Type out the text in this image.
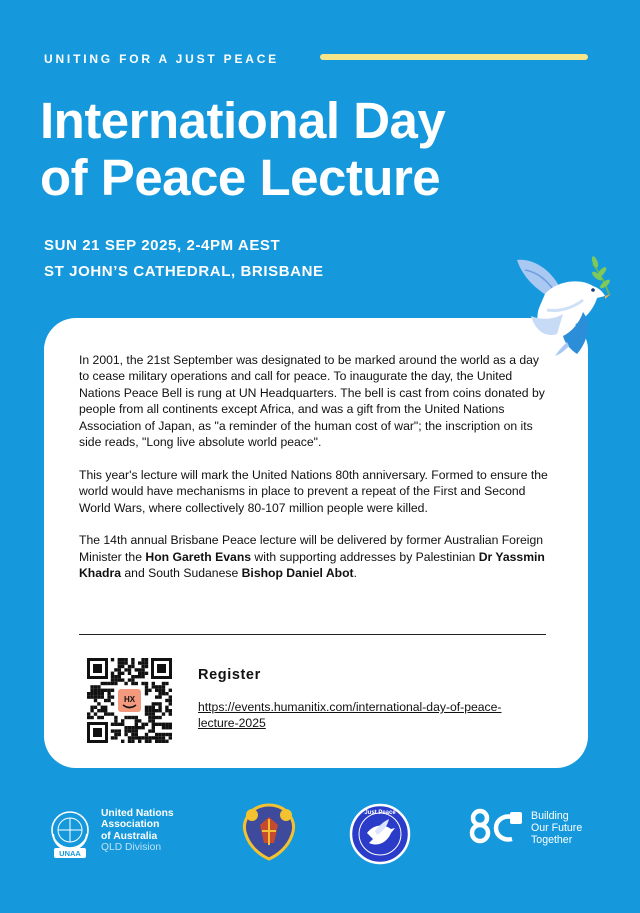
UNITING FOR A JUST PEACE
International Day
of Peace Lecture
SUN 21 SEP 2025, 2-4PM AEST
ST JOHN’S CATHEDRAL, BRISBANE

In 2001, the 21st September was designated to be marked around the world as a day to cease military operations and call for peace. To inaugurate the day, the United Nations Peace Bell is rung at UN Headquarters. The bell is cast from coins donated by people from all continents except Africa, and was a gift from the United Nations Association of Japan, as "a reminder of the human cost of war"; the inscription on its side reads, "Long live absolute world peace".

This year's lecture will mark the United Nations 80th anniversary. Formed to ensure the world would have mechanisms in place to prevent a repeat of the First and Second World Wars, where collectively 80-107 million people were killed.

The 14th annual Brisbane Peace lecture will be delivered by former Australian Foreign Minister the Hon Gareth Evans with supporting addresses by Palestinian Dr Yassmin Khadra and South Sudanese Bishop Daniel Abot.

HX
Register
https://events.humanitix.com/international-day-of-peace-lecture-2025
UNAA
United Nations
Association
of Australia
QLD Division
Just Peace	Building
Our Future
Together
